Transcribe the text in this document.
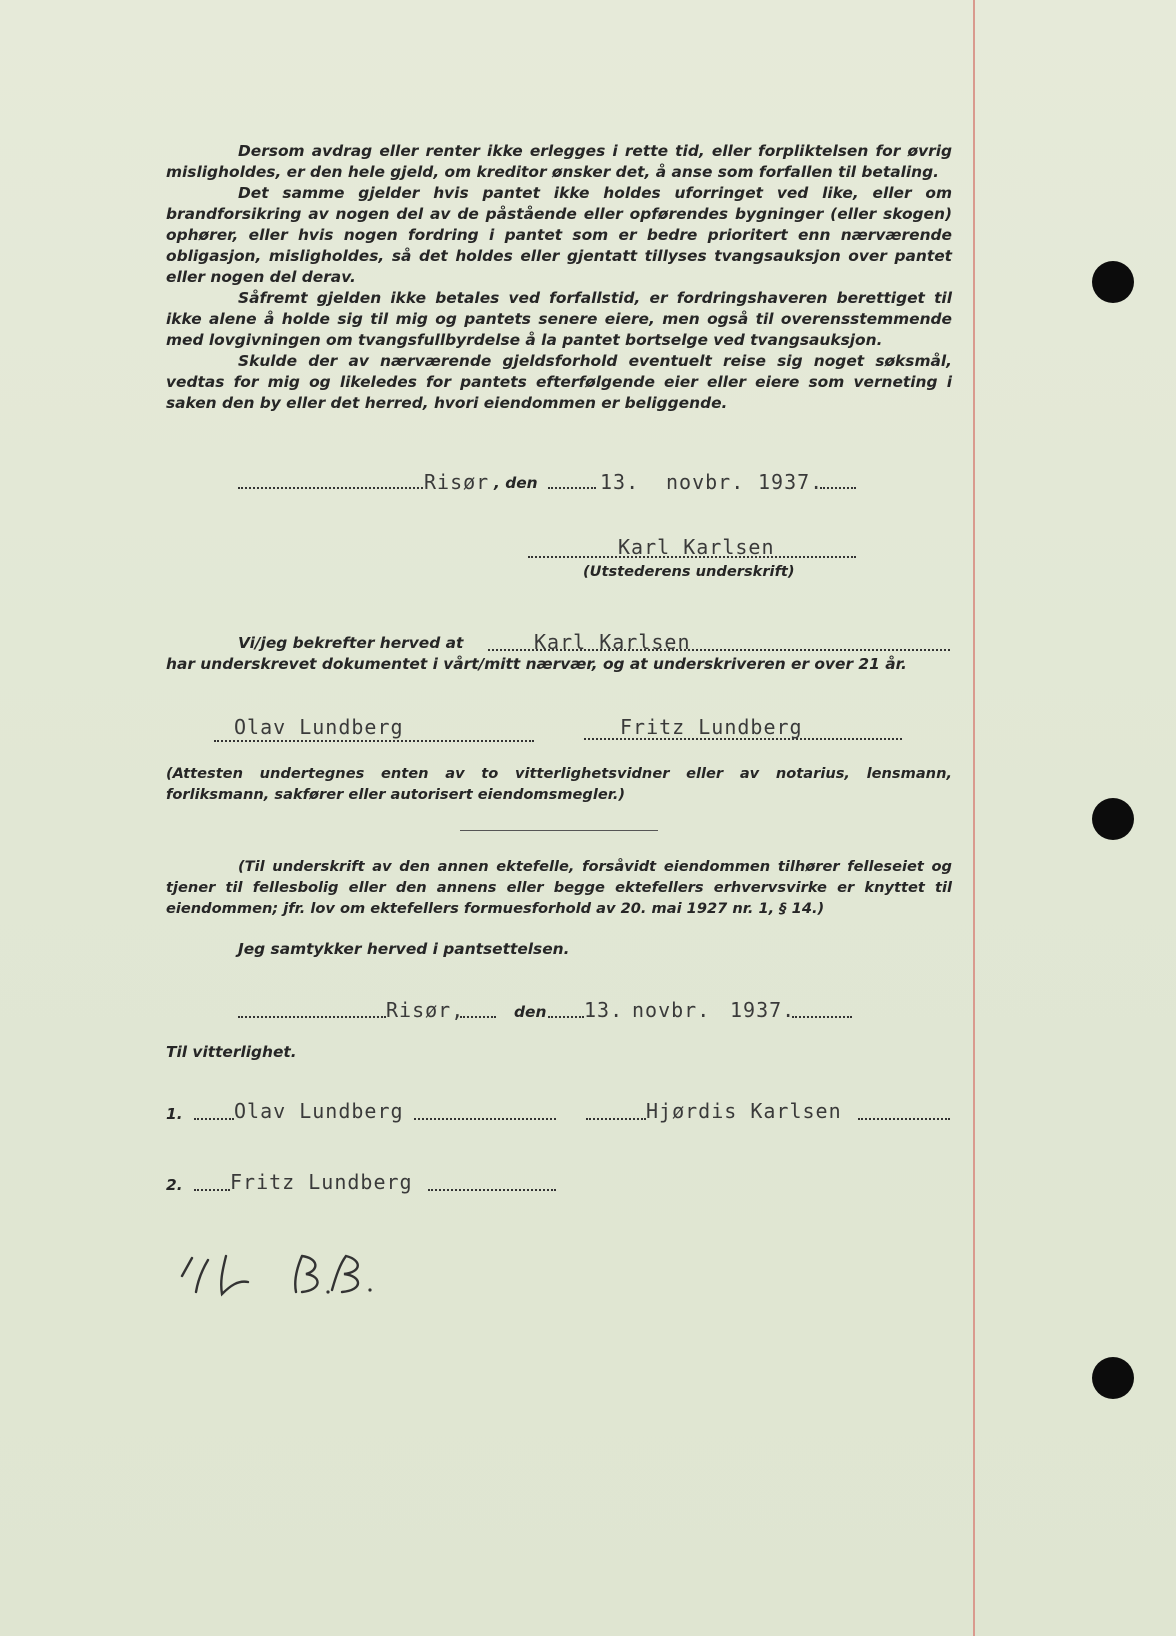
Dersom avdrag eller renter ikke erlegges i rette tid, eller forpliktelsen for øvrig misligholdes, er den hele gjeld, om kreditor ønsker det, å anse som forfallen til betaling.

Det samme gjelder hvis pantet ikke holdes uforringet ved like, eller om brandforsikring av nogen del av de påstående eller opførendes bygninger (eller skogen) ophører, eller hvis nogen fordring i pantet som er bedre prioritert enn nærværende obligasjon, misligholdes, så det holdes eller gjentatt tillyses tvangsauksjon over pantet eller nogen del derav.

Såfremt gjelden ikke betales ved forfallstid, er fordringshaveren berettiget til ikke alene å holde sig til mig og pantets senere eiere, men også til overensstemmende med lovgivningen om tvangsfullbyrdelse å la pantet bortselge ved tvangsauksjon.

Skulde der av nærværende gjeldsforhold eventuelt reise sig noget søksmål, vedtas for mig og likeledes for pantets efterfølgende eier eller eiere som verneting i saken den by eller det herred, hvori eiendommen er beliggende.

Risør , den	13. novbr. 1937.
Karl Karlsen
(Utstederens underskrift)
Vi/jeg bekrefter herved at	Karl Karlsen
har underskrevet dokumentet i vårt/mitt nærvær, og at underskriveren er over 21 år.
Olav Lundberg	Fritz Lundberg

(Attesten undertegnes enten av to vitterlighetsvidner eller av notarius, lensmann, forliksmann, sakfører eller autorisert eiendomsmegler.)

(Til underskrift av den annen ektefelle, forsåvidt eiendommen tilhører felleseiet og tjener til fellesbolig eller den annens eller begge ektefellers erhvervsvirke er knyttet til eiendommen; jfr. lov om ektefellers formuesforhold av 20. mai 1927 nr. 1, § 14.)

Jeg samtykker herved i pantsettelsen.
Risør,	den 13. novbr. 1937.
Til vitterlighet.
1.	Olav Lundberg	Hjørdis Karlsen
2. Fritz Lundberg
